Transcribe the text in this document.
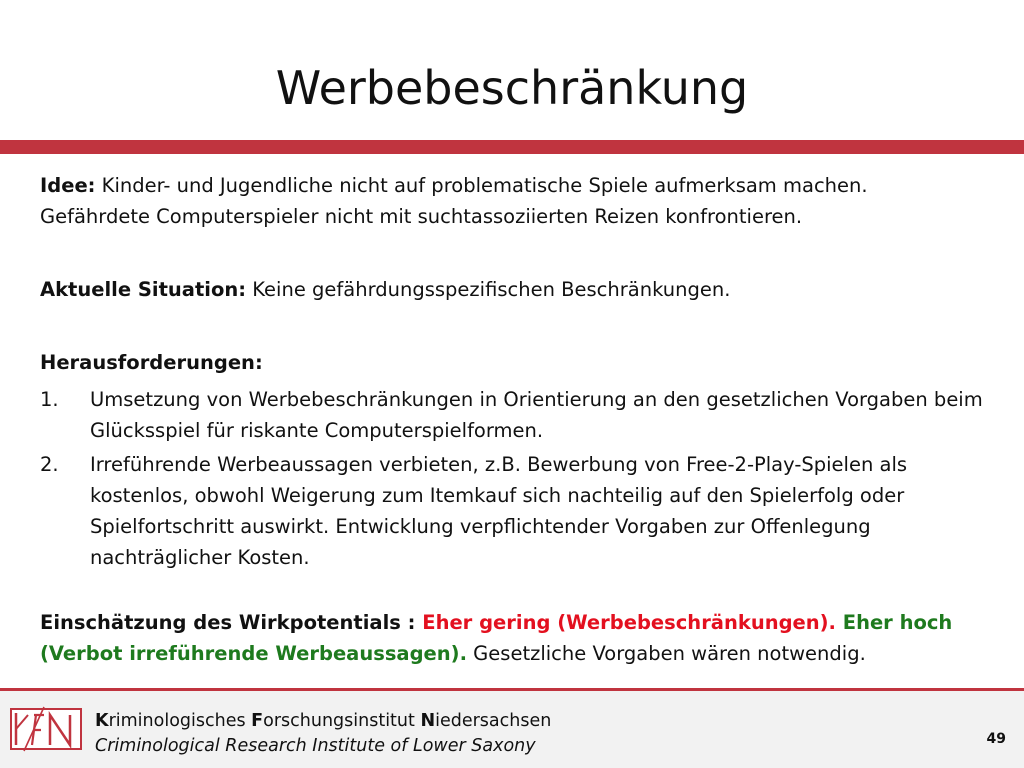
Werbebeschränkung

Idee: Kinder- und Jugendliche nicht auf problematische Spiele aufmerksam machen.
Gefährdete Computerspieler nicht mit suchtassoziierten Reizen konfrontieren.

Aktuelle Situation: Keine gefährdungsspezifischen Beschränkungen.

Herausforderungen:

1. Umsetzung von Werbebeschränkungen in Orientierung an den gesetzlichen Vorgaben beim Glücksspiel für riskante Computerspielformen.
2. Irreführende Werbeaussagen verbieten, z.B. Bewerbung von Free-2-Play-Spielen als kostenlos, obwohl Weigerung zum Itemkauf sich nachteilig auf den Spielerfolg oder Spielfortschritt auswirkt. Entwicklung verpflichtender Vorgaben zur Offenlegung nachträglicher Kosten.

Einschätzung des Wirkpotentials : Eher gering (Werbebeschränkungen). Eher hoch
(Verbot irreführende Werbeaussagen). Gesetzliche Vorgaben wären notwendig.

Kriminologisches Forschungsinstitut Niedersachsen
Criminological Research Institute of Lower Saxony	49
